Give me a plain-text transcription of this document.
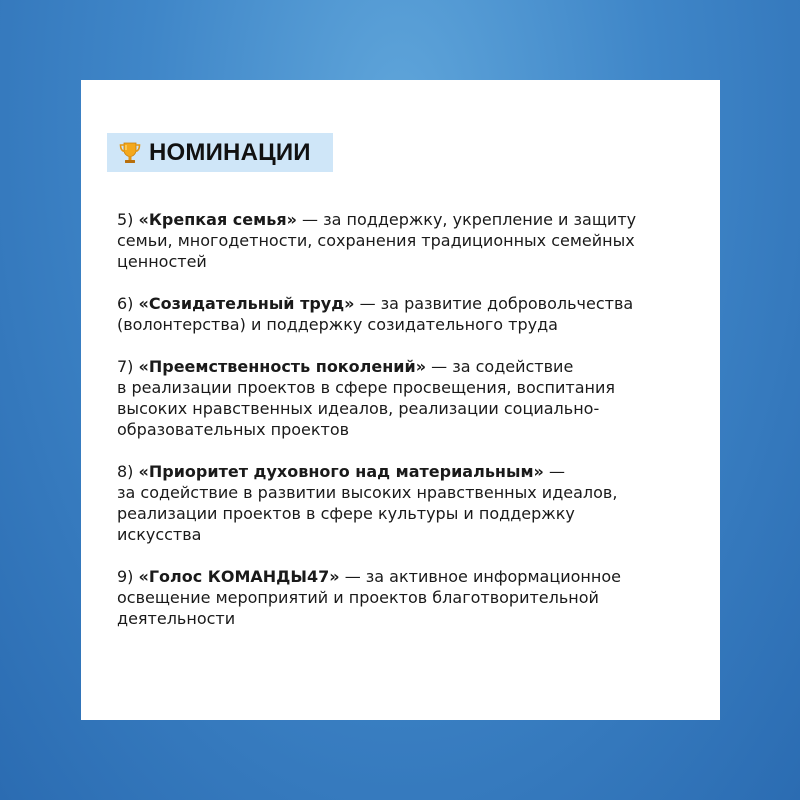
НОМИНАЦИИ
5) «Крепкая семья» — за поддержку, укрепление и защиту
семьи, многодетности, сохранения традиционных семейных
ценностей
6) «Созидательный труд» — за развитие добровольчества
(волонтерства) и поддержку созидательного труда
7) «Преемственность поколений» — за содействие
в реализации проектов в сфере просвещения, воспитания
высоких нравственных идеалов, реализации социально-
образовательных проектов
8) «Приоритет духовного над материальным» —
за содействие в развитии высоких нравственных идеалов,
реализации проектов в сфере культуры и поддержку
искусства
9) «Голос КОМАНДЫ47» — за активное информационное
освещение мероприятий и проектов благотворительной
деятельности
